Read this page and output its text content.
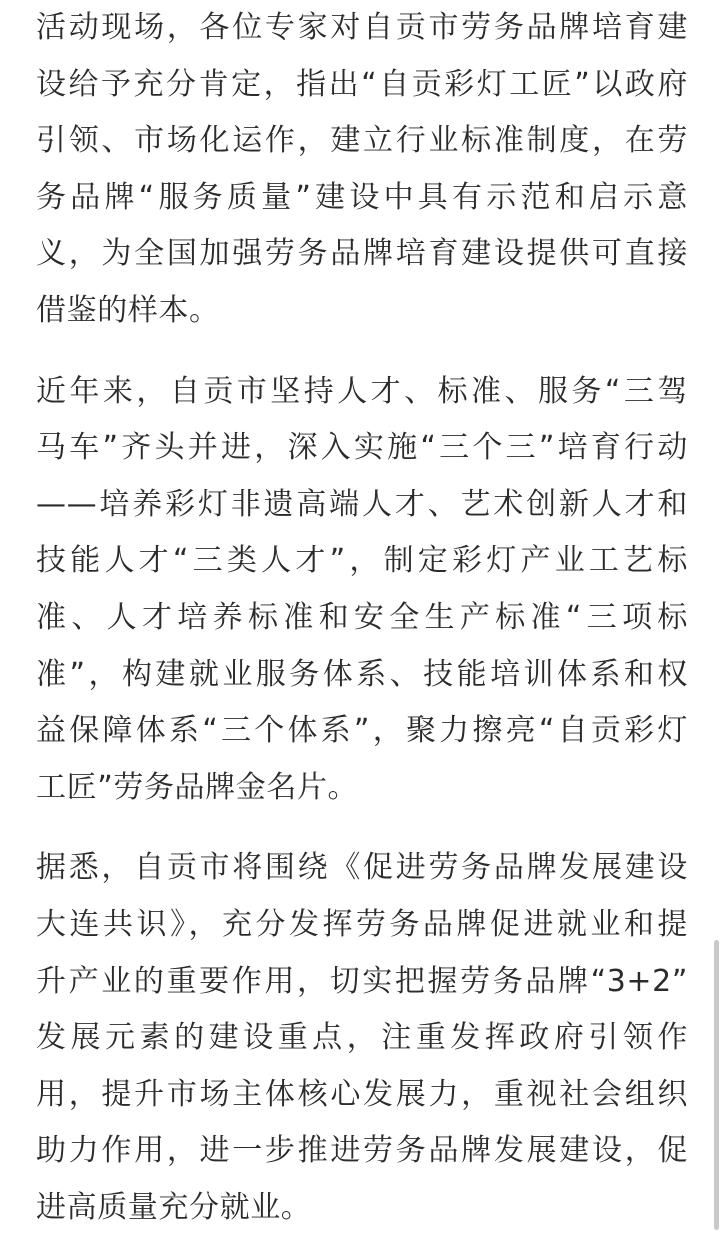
活动现场，各位专家对自贡市劳务品牌培育建
设给予充分肯定，指出“自贡彩灯工匠”以政府
引领、市场化运作，建立行业标准制度，在劳
务品牌“服务质量”建设中具有示范和启示意
义，为全国加强劳务品牌培育建设提供可直接
借鉴的样本。
近年来，自贡市坚持人才、标准、服务“三驾
马车”齐头并进，深入实施“三个三”培育行动
——培养彩灯非遗高端人才、艺术创新人才和
技能人才“三类人才”，制定彩灯产业工艺标
准、人才培养标准和安全生产标准“三项标
准”，构建就业服务体系、技能培训体系和权
益保障体系“三个体系”，聚力擦亮“自贡彩灯
工匠”劳务品牌金名片。
据悉，自贡市将围绕《促进劳务品牌发展建设
大连共识》，充分发挥劳务品牌促进就业和提
升产业的重要作用，切实把握劳务品牌“3+2”
发展元素的建设重点，注重发挥政府引领作
用，提升市场主体核心发展力，重视社会组织
助力作用，进一步推进劳务品牌发展建设，促
进高质量充分就业。
